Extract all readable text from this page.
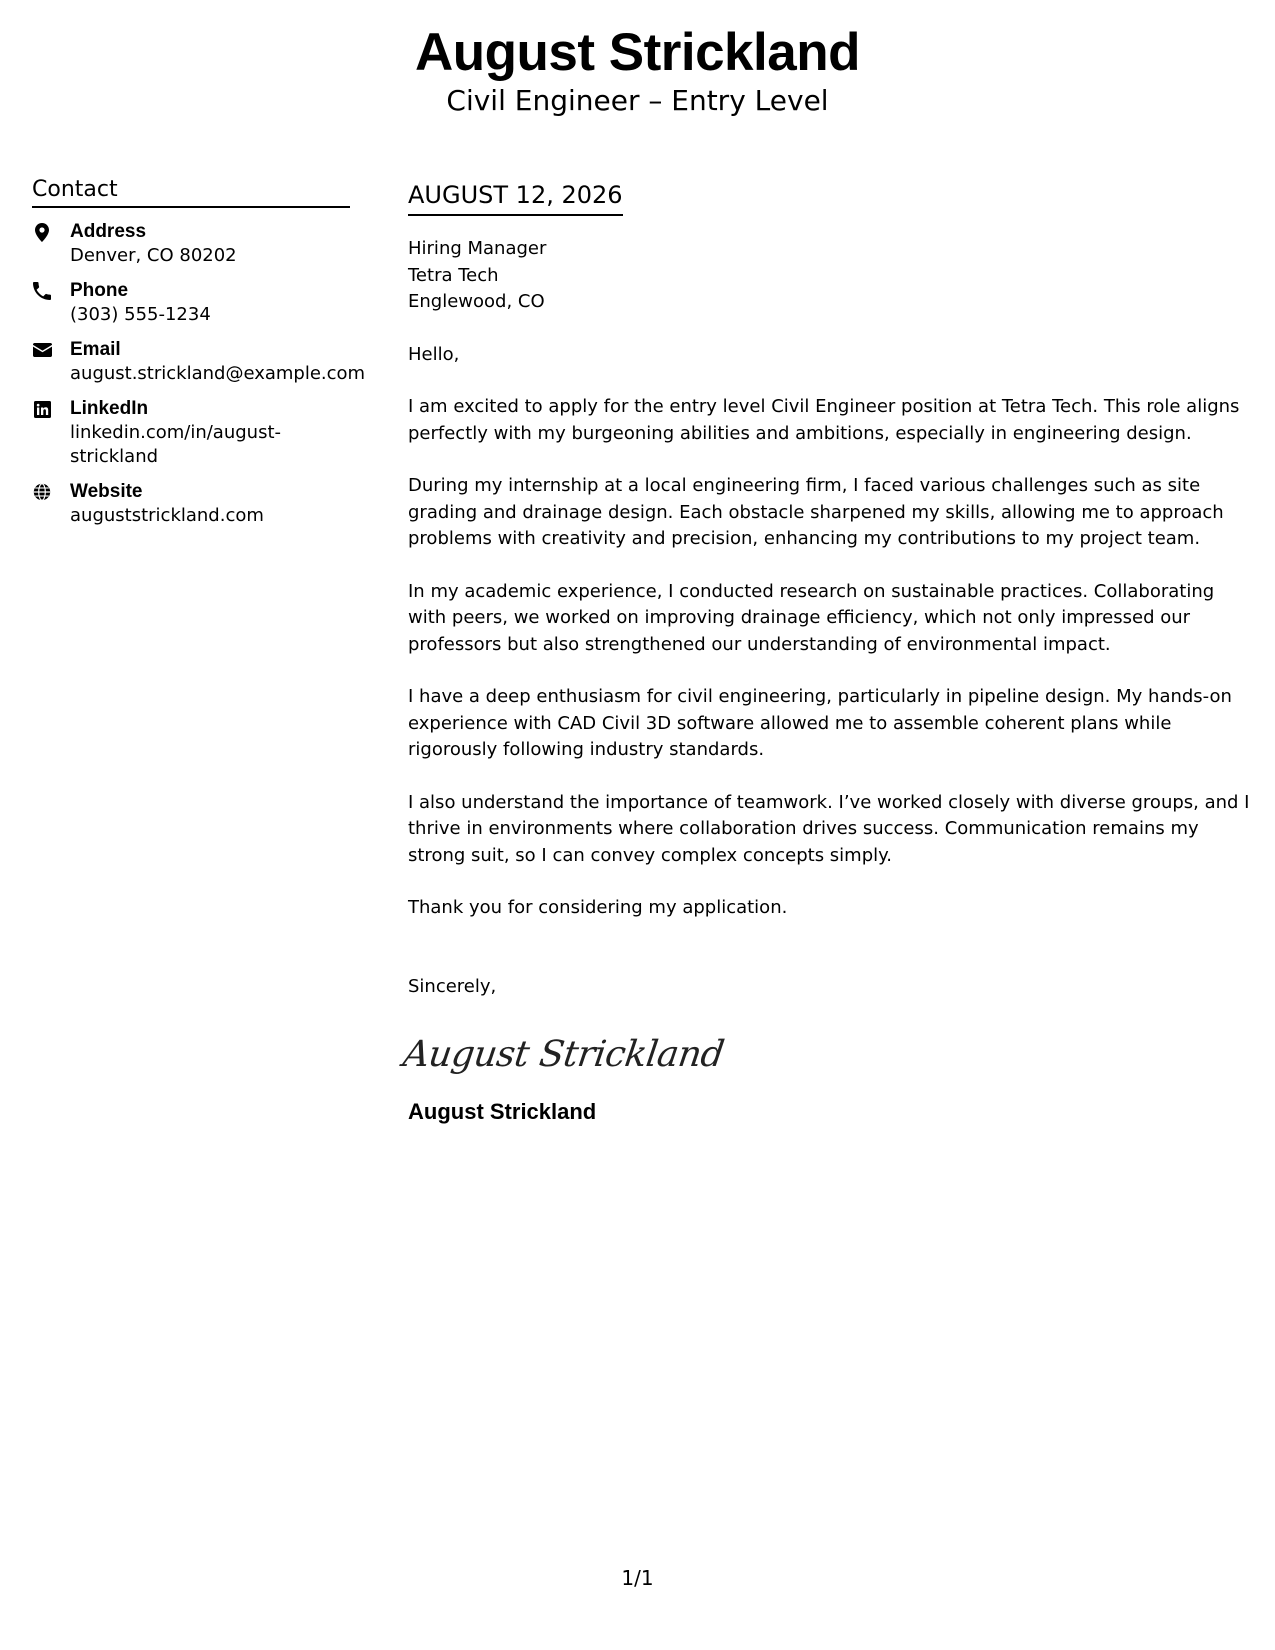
August Strickland
Civil Engineer – Entry Level
Contact
Address
Denver, CO 80202
Phone
(303) 555-1234
Email
august.strickland@example.com
LinkedIn
linkedin.com/in/august-strickland
Website
auguststrickland.com
AUGUST 12, 2026
Hiring Manager
Tetra Tech
Englewood, CO

Hello,

I am excited to apply for the entry level Civil Engineer position at Tetra Tech. This role aligns perfectly with my burgeoning abilities and ambitions, especially in engineering design.

During my internship at a local engineering firm, I faced various challenges such as site grading and drainage design. Each obstacle sharpened my skills, allowing me to approach problems with creativity and precision, enhancing my contributions to my project team.

In my academic experience, I conducted research on sustainable practices. Collaborating with peers, we worked on improving drainage efficiency, which not only impressed our professors but also strengthened our understanding of environmental impact.

I have a deep enthusiasm for civil engineering, particularly in pipeline design. My hands-on experience with CAD Civil 3D software allowed me to assemble coherent plans while rigorously following industry standards.

I also understand the importance of teamwork. I’ve worked closely with diverse groups, and I thrive in environments where collaboration drives success. Communication remains my strong suit, so I can convey complex concepts simply.

Thank you for considering my application.

Sincerely,
August Strickland
August Strickland
1/1
